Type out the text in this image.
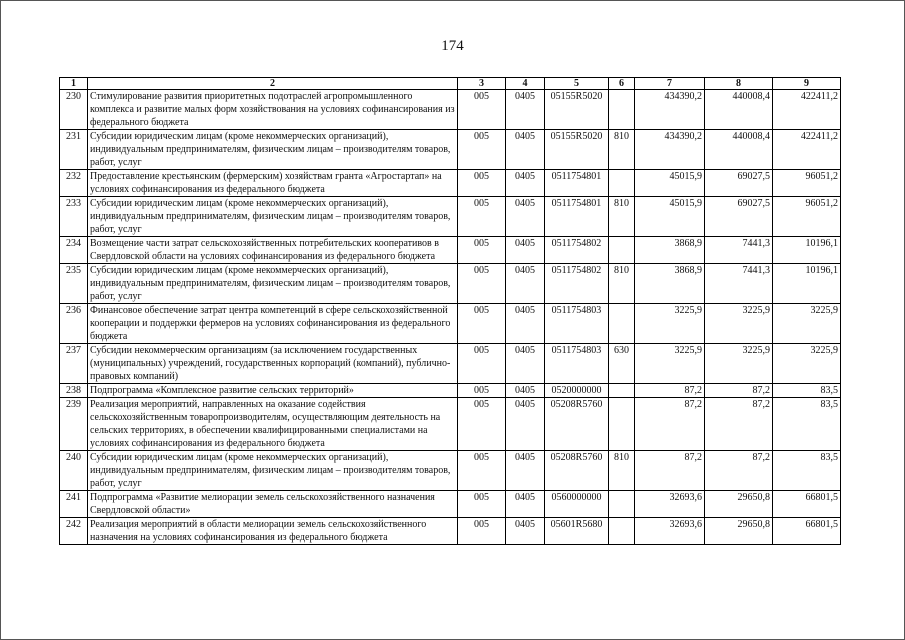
174
1	2	3	4	5	6	7	8	9
230	Стимулирование развития приоритетных подотраслей агропромышленного комплекса и развитие малых форм хозяйствования на условиях софинансирования из федерального бюджета	005	0405	05155R5020		434390,2	440008,4	422411,2
231	Субсидии юридическим лицам (кроме некоммерческих организаций), индивидуальным предпринимателям, физическим лицам – производителям товаров, работ, услуг	005	0405	05155R5020	810	434390,2	440008,4	422411,2
232	Предоставление крестьянским (фермерским) хозяйствам гранта «Агростартап» на условиях софинансирования из федерального бюджета	005	0405	0511754801		45015,9	69027,5	96051,2
233	Субсидии юридическим лицам (кроме некоммерческих организаций), индивидуальным предпринимателям, физическим лицам – производителям товаров, работ, услуг	005	0405	0511754801	810	45015,9	69027,5	96051,2
234	Возмещение части затрат сельскохозяйственных потребительских кооперативов в Свердловской области на условиях софинансирования из федерального бюджета	005	0405	0511754802		3868,9	7441,3	10196,1
235	Субсидии юридическим лицам (кроме некоммерческих организаций), индивидуальным предпринимателям, физическим лицам – производителям товаров, работ, услуг	005	0405	0511754802	810	3868,9	7441,3	10196,1
236	Финансовое обеспечение затрат центра компетенций в сфере сельскохозяйственной кооперации и поддержки фермеров на условиях софинансирования из федерального бюджета	005	0405	0511754803		3225,9	3225,9	3225,9
237	Субсидии некоммерческим организациям (за исключением государственных (муниципальных) учреждений, государственных корпораций (компаний), публично-правовых компаний)	005	0405	0511754803	630	3225,9	3225,9	3225,9
238	Подпрограмма «Комплексное развитие сельских территорий»	005	0405	0520000000		87,2	87,2	83,5
239	Реализация мероприятий, направленных на оказание содействия сельскохозяйственным товаропроизводителям, осуществляющим деятельность на сельских территориях, в обеспечении квалифицированными специалистами на условиях софинансирования из федерального бюджета	005	0405	05208R5760		87,2	87,2	83,5
240	Субсидии юридическим лицам (кроме некоммерческих организаций), индивидуальным предпринимателям, физическим лицам – производителям товаров, работ, услуг	005	0405	05208R5760	810	87,2	87,2	83,5
241	Подпрограмма «Развитие мелиорации земель сельскохозяйственного назначения Свердловской области»	005	0405	0560000000		32693,6	29650,8	66801,5
242	Реализация мероприятий в области мелиорации земель сельскохозяйственного назначения на условиях софинансирования из федерального бюджета	005	0405	05601R5680		32693,6	29650,8	66801,5
